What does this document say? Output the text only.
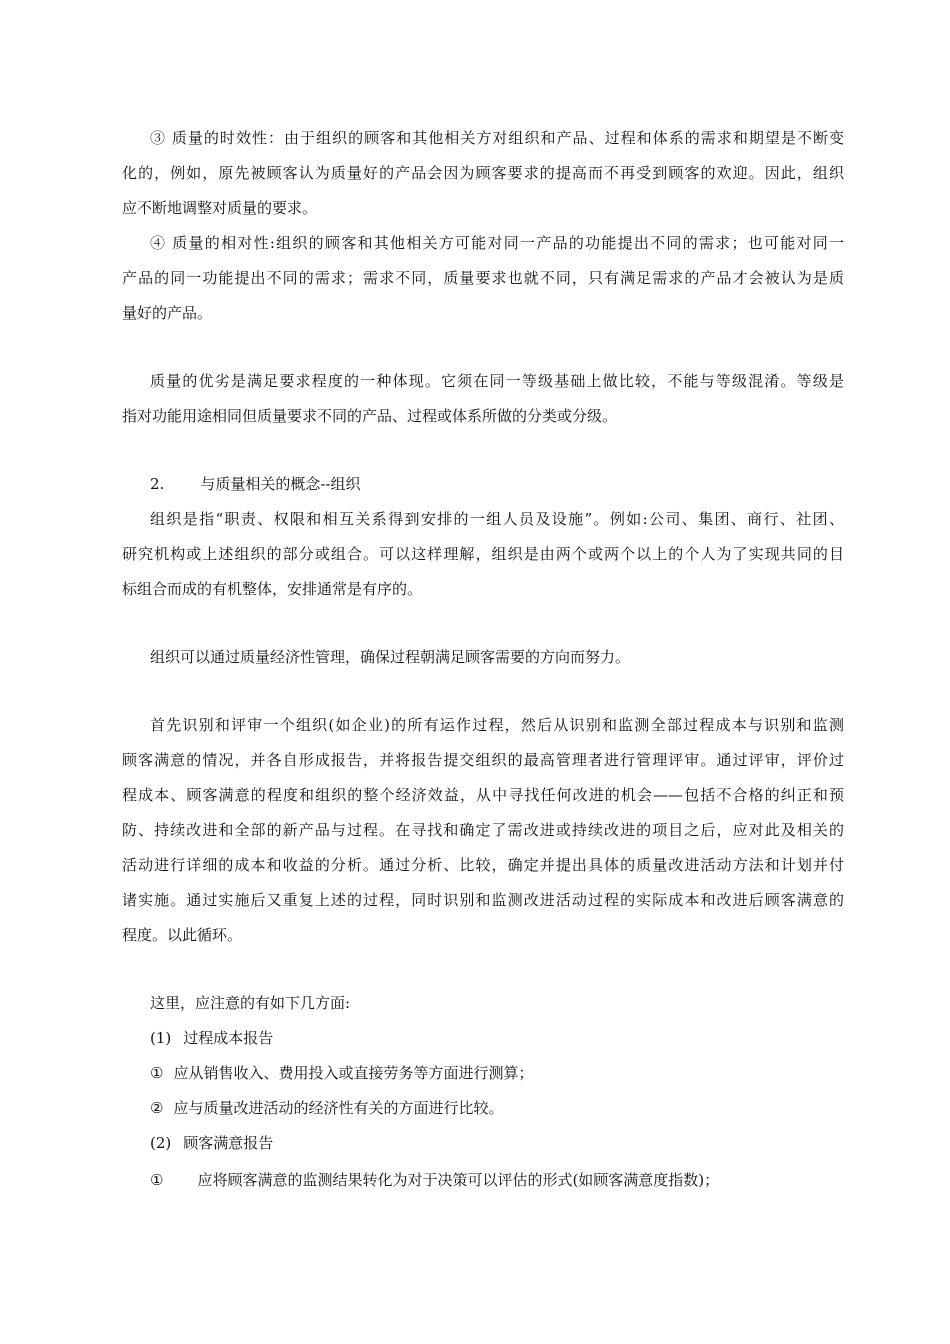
③ 质量的时效性：由于组织的顾客和其他相关方对组织和产品、过程和体系的需求和期望是不断变
化的，例如，原先被顾客认为质量好的产品会因为顾客要求的提高而不再受到顾客的欢迎。因此，组织
应不断地调整对质量的要求。
④ 质量的相对性:组织的顾客和其他相关方可能对同一产品的功能提出不同的需求；也可能对同一
产品的同一功能提出不同的需求；需求不同，质量要求也就不同，只有满足需求的产品才会被认为是质
量好的产品。
质量的优劣是满足要求程度的一种体现。它须在同一等级基础上做比较，不能与等级混淆。等级是
指对功能用途相同但质量要求不同的产品、过程或体系所做的分类或分级。
2. 与质量相关的概念--组织
组织是指“职责、权限和相互关系得到安排的一组人员及设施”。例如:公司、集团、商行、社团、
研究机构或上述组织的部分或组合。可以这样理解，组织是由两个或两个以上的个人为了实现共同的目
标组合而成的有机整体，安排通常是有序的。
组织可以通过质量经济性管理，确保过程朝满足顾客需要的方向而努力。
首先识别和评审一个组织(如企业)的所有运作过程，然后从识别和监测全部过程成本与识别和监测
顾客满意的情况，并各自形成报告，并将报告提交组织的最高管理者进行管理评审。通过评审，评价过
程成本、顾客满意的程度和组织的整个经济效益，从中寻找任何改进的机会——包括不合格的纠正和预
防、持续改进和全部的新产品与过程。在寻找和确定了需改进或持续改进的项目之后，应对此及相关的
活动进行详细的成本和收益的分析。通过分析、比较，确定并提出具体的质量改进活动方法和计划并付
诸实施。通过实施后又重复上述的过程，同时识别和监测改进活动过程的实际成本和改进后顾客满意的
程度。以此循环。
这里，应注意的有如下几方面:
(1) 过程成本报告
① 应从销售收入、费用投入或直接劳务等方面进行测算；
② 应与质量改进活动的经济性有关的方面进行比较。
(2) 顾客满意报告
① 应将顾客满意的监测结果转化为对于决策可以评估的形式(如顾客满意度指数)；
